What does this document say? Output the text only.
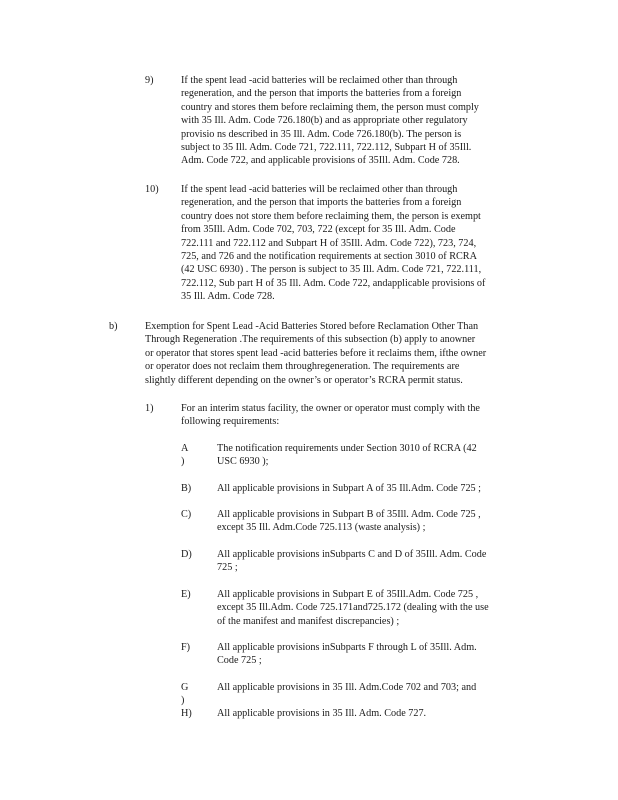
9)	If the spent lead -acid batteries will be reclaimed other than through

regeneration, and the person that imports the batteries from a foreign

country and stores them before reclaiming them, the person must comply

with 35 Ill. Adm. Code 726.180(b) and as appropriate other regulatory

provisio ns described in 35 Ill. Adm. Code 726.180(b). The person is

subject to 35 Ill. Adm. Code 721, 722.111, 722.112, Subpart H of 35Ill.

Adm. Code 722, and applicable provisions of 35Ill. Adm. Code 728.

10) If the spent lead -acid batteries will be reclaimed other than through

regeneration, and the person that imports the batteries from a foreign

country does not store them before reclaiming them, the person is exempt

from 35Ill. Adm. Code 702, 703, 722 (except for 35 Ill. Adm. Code

722.111 and 722.112 and Subpart H of 35Ill. Adm. Code 722), 723, 724,

725, and 726 and the notification requirements at section 3010 of RCRA

(42 USC 6930) . The person is subject to 35 Ill. Adm. Code 721, 722.111,

722.112, Sub part H of 35 Ill. Adm. Code 722, andapplicable provisions of

35 Ill. Adm. Code 728.

b)	Exemption for Spent Lead -Acid Batteries Stored before Reclamation Other Than

Through Regeneration .The requirements of this subsection (b) apply to anowner

or operator that stores spent lead -acid batteries before it reclaims them, ifthe owner

or operator does not reclaim them throughregeneration. The requirements are

slightly different depending on the owner’s or operator’s RCRA permit status.

1)	For an interim status facility, the owner or operator must comply with the

following requirements:

A )

The notification requirements under Section 3010 of RCRA (42

USC 6930 );

B)	All applicable provisions in Subpart A of 35 Ill.Adm. Code 725 ;

C)	All applicable provisions in Subpart B of 35Ill. Adm. Code 725 ,

except 35 Ill. Adm.Code 725.113 (waste analysis) ;

D) All applicable provisions inSubparts C and D of 35Ill. Adm. Code

725 ;

E)	All applicable provisions in Subpart E of 35Ill.Adm. Code 725 ,

except 35 Ill.Adm. Code 725.171and725.172 (dealing with the use

of the manifest and manifest discrepancies) ;

F)	All applicable provisions inSubparts F through L of 35Ill. Adm.

Code 725 ;

G )

All applicable provisions in 35 Ill. Adm.Code 702 and 703; and

H) All applicable provisions in 35 Ill. Adm. Code 727.
